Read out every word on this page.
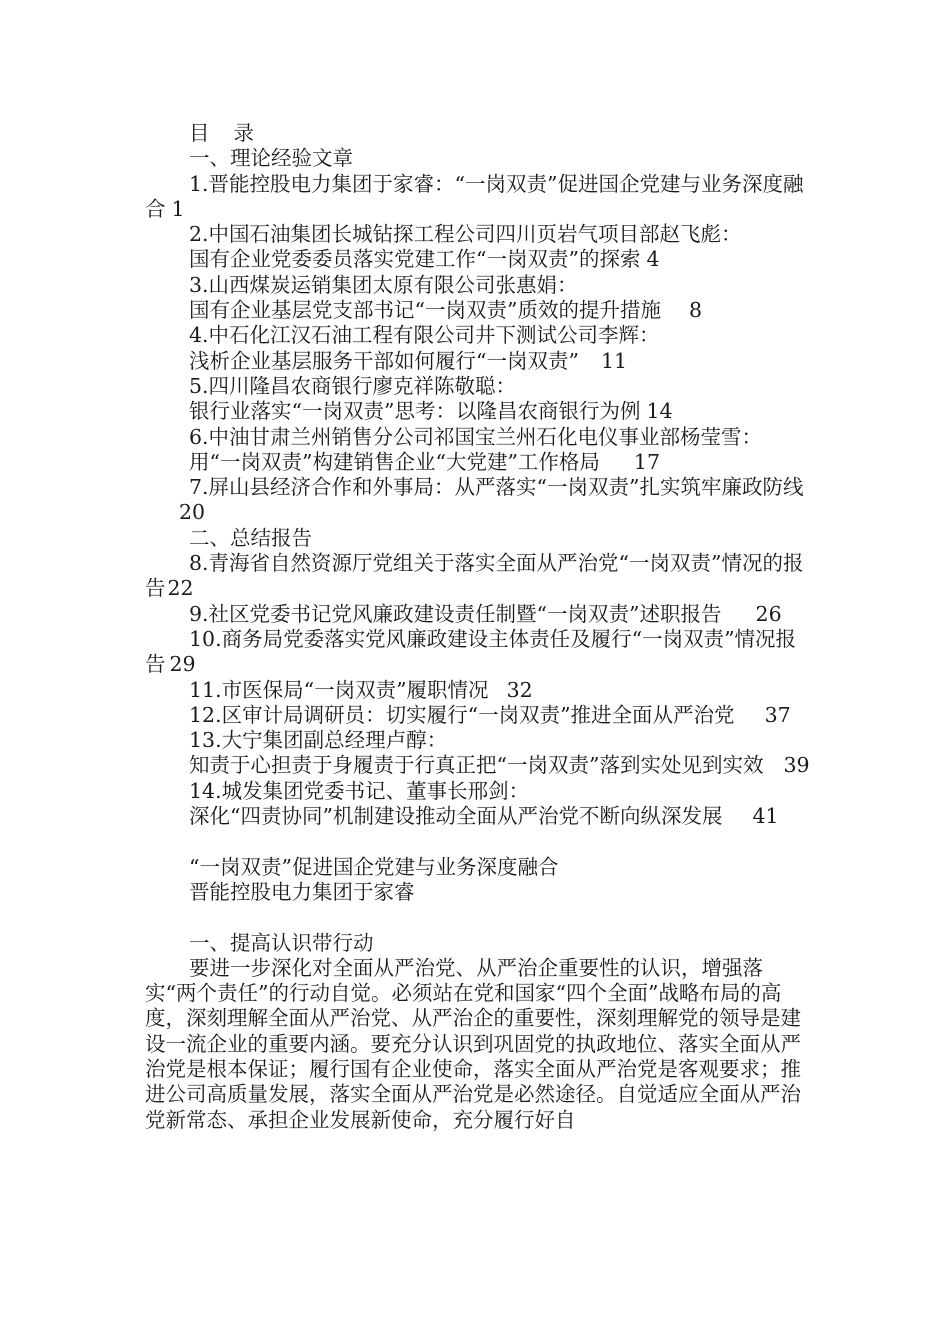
目 录

一、理论经验文章

1.晋能控股电力集团于家睿：“一岗双责”促进国企党建与业务深度融合 1

2.中国石油集团长城钻探工程公司四川页岩气项目部赵飞彪：

国有企业党委委员落实党建工作“一岗双责”的探索 4

3.山西煤炭运销集团太原有限公司张惠娟：

国有企业基层党支部书记“一岗双责”质效的提升措施 8

4.中石化江汉石油工程有限公司井下测试公司李辉：

浅析企业基层服务干部如何履行“一岗双责” 11

5.四川隆昌农商银行廖克祥陈敬聪：

银行业落实“一岗双责”思考：以隆昌农商银行为例 14

6.中油甘肃兰州销售分公司祁国宝兰州石化电仪事业部杨莹雪：

用“一岗双责”构建销售企业“大党建”工作格局 17

7.屏山县经济合作和外事局：从严落实“一岗双责”扎实筑牢廉政防线20

二、总结报告

8.青海省自然资源厅党组关于落实全面从严治党“一岗双责”情况的报告22

9.社区党委书记党风廉政建设责任制暨“一岗双责”述职报告 26

10.商务局党委落实党风廉政建设主体责任及履行“一岗双责”情况报告 29

11.市医保局“一岗双责”履职情况 32

12.区审计局调研员：切实履行“一岗双责”推进全面从严治党 37

13.大宁集团副总经理卢醇：

知责于心担责于身履责于行真正把“一岗双责”落到实处见到实效 39

14.城发集团党委书记、董事长邢剑：

深化“四责协同”机制建设推动全面从严治党不断向纵深发展 41

“一岗双责”促进国企党建与业务深度融合

晋能控股电力集团于家睿

一、提高认识带行动

要进一步深化对全面从严治党、从严治企重要性的认识，增强落实“两个责任”的行动自觉。必须站在党和国家“四个全面”战略布局的高度，深刻理解全面从严治党、从严治企的重要性，深刻理解党的领导是建设一流企业的重要内涵。要充分认识到巩固党的执政地位、落实全面从严治党是根本保证；履行国有企业使命，落实全面从严治党是客观要求；推进公司高质量发展，落实全面从严治党是必然途径。自觉适应全面从严治党新常态、承担企业发展新使命，充分履行好自
